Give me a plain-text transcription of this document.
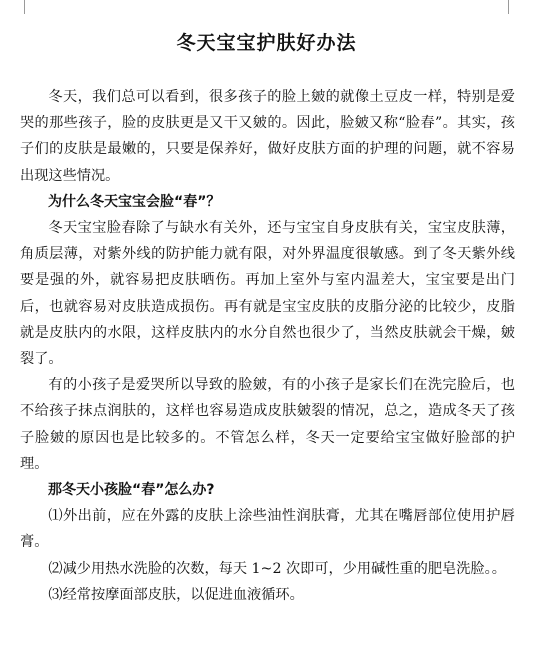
冬天宝宝护肤好办法

冬天，我们总可以看到，很多孩子的脸上皴的就像土豆皮一样，特别是爱哭的那些孩子，脸的皮肤更是又干又皴的。因此，脸皴又称“脸春”。其实，孩子们的皮肤是最嫩的，只要是保养好，做好皮肤方面的护理的问题，就不容易出现这些情况。

为什么冬天宝宝会脸“春”？

冬天宝宝脸春除了与缺水有关外，还与宝宝自身皮肤有关，宝宝皮肤薄，角质层薄，对紫外线的防护能力就有限，对外界温度很敏感。到了冬天紫外线要是强的外，就容易把皮肤晒伤。再加上室外与室内温差大，宝宝要是出门后，也就容易对皮肤造成损伤。再有就是宝宝皮肤的皮脂分泌的比较少，皮脂就是皮肤内的水限，这样皮肤内的水分自然也很少了，当然皮肤就会干燥，皴裂了。

有的小孩子是爱哭所以导致的脸皴，有的小孩子是家长们在洗完脸后，也不给孩子抹点润肤的，这样也容易造成皮肤皴裂的情况，总之，造成冬天了孩子脸皴的原因也是比较多的。不管怎么样，冬天一定要给宝宝做好脸部的护理。

那冬天小孩脸“春”怎么办?

⑴外出前，应在外露的皮肤上涂些油性润肤膏，尤其在嘴唇部位使用护唇膏。

⑵减少用热水洗脸的次数，每天 1~2 次即可，少用碱性重的肥皂洗脸。。

⑶经常按摩面部皮肤，以促进血液循环。
